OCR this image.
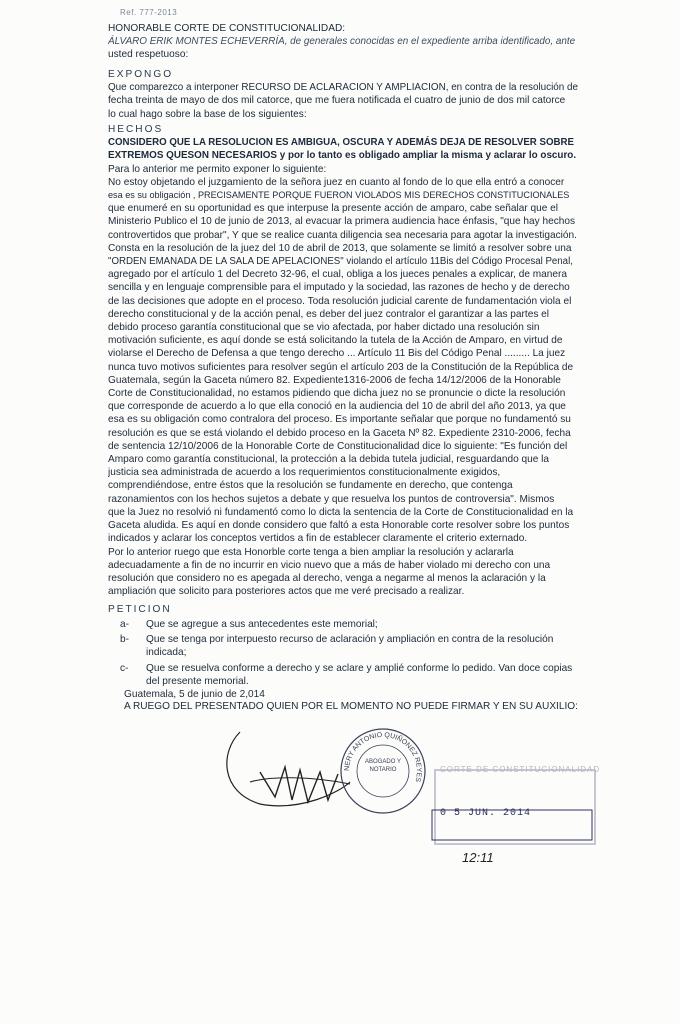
Ref. 777-2013
HONORABLE CORTE DE CONSTITUCIONALIDAD:
ÁLVARO ERIK MONTES ECHEVERRÍA, de generales conocidas en el expediente arriba identificado, ante
usted respetuoso:
EXPONGO
Que comparezco a interponer RECURSO DE ACLARACION Y AMPLIACION, en contra de la resolución de
fecha treinta de mayo de dos mil catorce, que me fuera notificada el cuatro de junio de dos mil catorce
lo cual hago sobre la base de los siguientes:
HECHOS
CONSIDERO QUE LA RESOLUCION ES AMBIGUA, OSCURA Y ADEMÁS DEJA DE RESOLVER SOBRE
EXTREMOS QUESON NECESARIOS y por lo tanto es obligado ampliar la misma y aclarar lo oscuro.
Para lo anterior me permito exponer lo siguiente:
No estoy objetando el juzgamiento de la señora juez en cuanto al fondo de lo que ella entró a conocer
esa es su obligación , PRECISAMENTE PORQUE FUERON VIOLADOS MIS DERECHOS CONSTITUCIONALES
que enumeré en su oportunidad es que interpuse la presente acción de amparo, cabe señalar que el
Ministerio Publico el 10 de junio de 2013, al evacuar la primera audiencia hace énfasis, "que hay hechos
controvertidos que probar", Y que se realice cuanta diligencia sea necesaria para agotar la investigación.
Consta en la resolución de la juez del 10 de abril de 2013, que solamente se limitó a resolver sobre una
"ORDEN EMANADA DE LA SALA DE APELACIONES" violando el artículo 11Bis del Código Procesal Penal,
agregado por el artículo 1 del Decreto 32-96, el cual, obliga a los jueces penales a explicar, de manera
sencilla y en lenguaje comprensible para el imputado y la sociedad, las razones de hecho y de derecho
de las decisiones que adopte en el proceso. Toda resolución judicial carente de fundamentación viola el
derecho constitucional y de la acción penal, es deber del juez contralor el garantizar a las partes el
debido proceso garantía constitucional que se vio afectada, por haber dictado una resolución sin
motivación suficiente, es aquí donde se está solicitando la tutela de la Acción de Amparo, en virtud de
violarse el Derecho de Defensa a que tengo derecho ... Artículo 11 Bis del Código Penal ......... La juez
nunca tuvo motivos suficientes para resolver según el artículo 203 de la Constitución de la República de
Guatemala, según la Gaceta número 82. Expediente1316-2006 de fecha 14/12/2006 de la Honorable
Corte de Constitucionalidad, no estamos pidiendo que dicha juez no se pronuncie o dicte la resolución
que corresponde de acuerdo a lo que ella conoció en la audiencia del 10 de abril del año 2013, ya que
esa es su obligación como contralora del proceso. Es importante señalar que porque no fundamentó su
resolución es que se está violando el debido proceso en la Gaceta Nº 82. Expediente 2310-2006, fecha
de sentencia 12/10/2006 de la Honorable Corte de Constitucionalidad dice lo siguiente: "Es función del
Amparo como garantía constitucional, la protección a la debida tutela judicial, resguardando que la
justicia sea administrada de acuerdo a los requerimientos constitucionalmente exigidos,
comprendiéndose, entre éstos que la resolución se fundamente en derecho, que contenga
razonamientos con los hechos sujetos a debate y que resuelva los puntos de controversia". Mismos
que la Juez no resolvió ni fundamentó como lo dicta la sentencia de la Corte de Constitucionalidad en la
Gaceta aludida. Es aquí en donde considero que faltó a esta Honorable corte resolver sobre los puntos
indicados y aclarar los conceptos vertidos a fin de establecer claramente el criterio externado.
Por lo anterior ruego que esta Honorble corte tenga a bien ampliar la resolución y aclararla
adecuadamente a fin de no incurrir en vicio nuevo que a más de haber violado mi derecho con una
resolución que considero no es apegada al derecho, venga a negarme al menos la aclaración y la
ampliación que solicito para posteriores actos que me veré precisado a realizar.
PETICION
a- Que se agregue a sus antecedentes este memorial;
b- Que se tenga por interpuesto recurso de aclaración y ampliación en contra de la resolución
indicada;
c- Que se resuelva conforme a derecho y se aclare y amplié conforme lo pedido. Van doce copias
del presente memorial.
Guatemala, 5 de junio de 2,014
A RUEGO DEL PRESENTADO QUIEN POR EL MOMENTO NO PUEDE FIRMAR Y EN SU AUXILIO:
NERY ANTONIO QUIÑONEZ REYES
ABOGADO Y NOTARIO	CORTE DE CONSTITUCIONALIDAD
0 5 JUN. 2014
12:11
